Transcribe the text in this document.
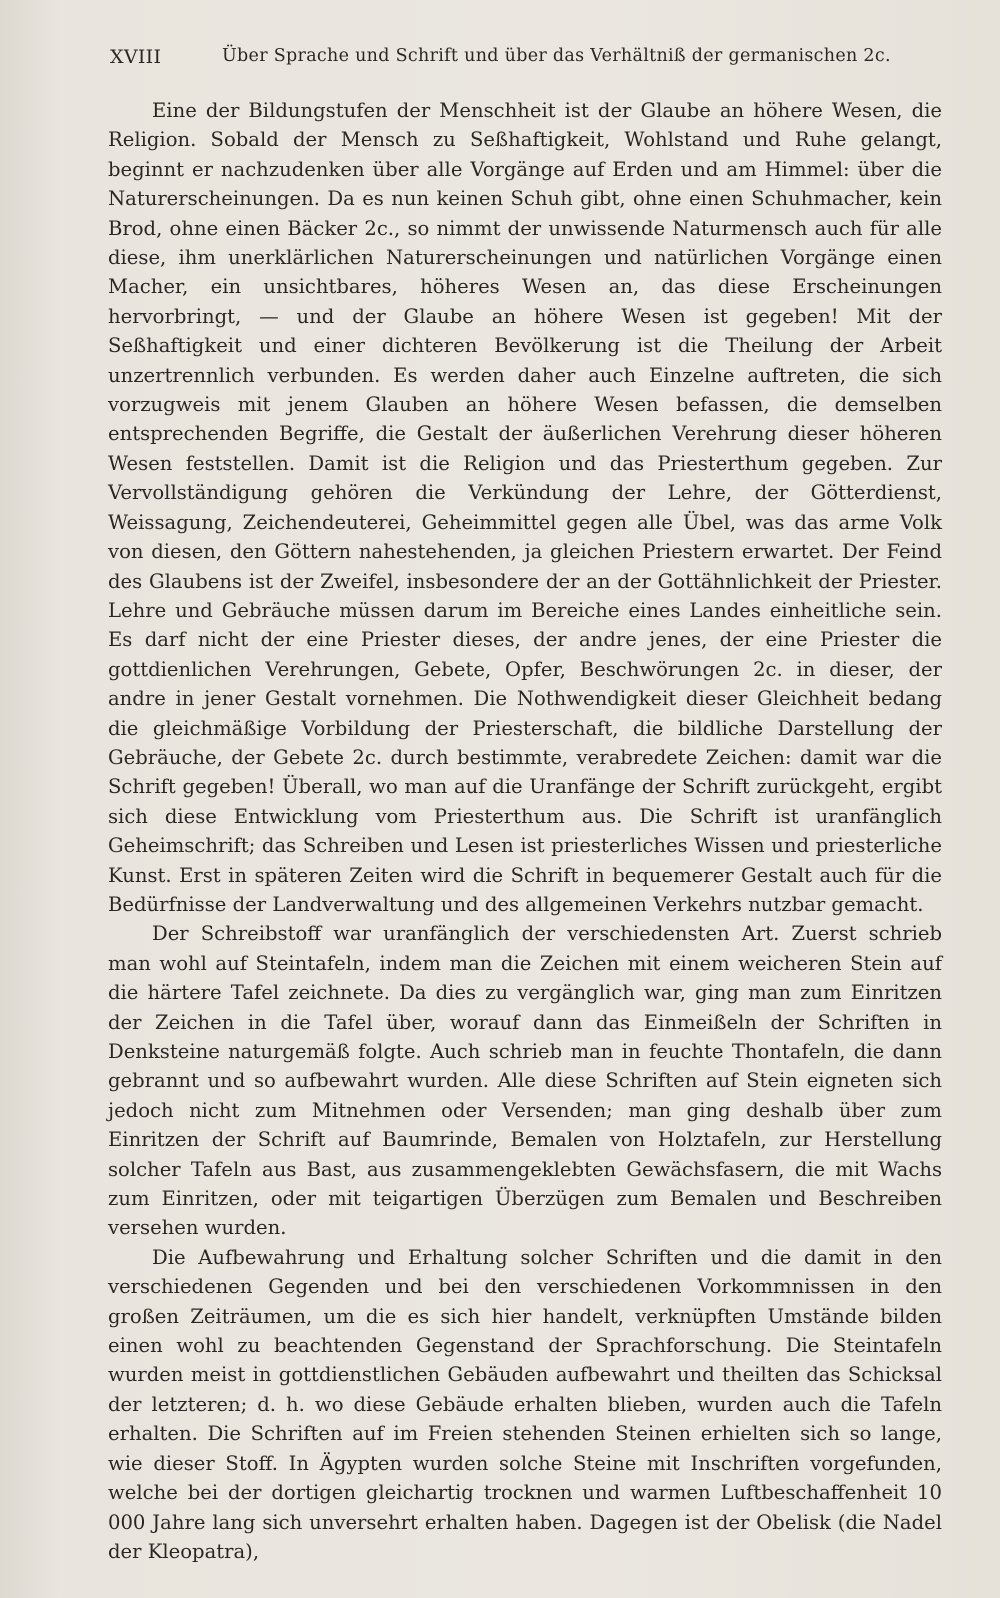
XVIII	Über Sprache und Schrift und über das Verhältniß der germanischen 2c.

Eine der Bildungstufen der Menschheit ist der Glaube an höhere Wesen, die Religion. Sobald der Mensch zu Seßhaftigkeit, Wohlstand und Ruhe gelangt, beginnt er nachzudenken über alle Vorgänge auf Erden und am Himmel: über die Naturerscheinungen. Da es nun keinen Schuh gibt, ohne einen Schuhmacher, kein Brod, ohne einen Bäcker 2c., so nimmt der unwissende Naturmensch auch für alle diese, ihm unerklärlichen Naturerscheinungen und natürlichen Vorgänge einen Macher, ein unsichtbares, höheres Wesen an, das diese Erscheinungen hervorbringt, — und der Glaube an höhere Wesen ist gegeben! Mit der Seßhaftigkeit und einer dichteren Bevölkerung ist die Theilung der Arbeit unzertrennlich verbunden. Es werden daher auch Einzelne auftreten, die sich vorzugweis mit jenem Glauben an höhere Wesen befassen, die demselben entsprechenden Begriffe, die Gestalt der äußerlichen Verehrung dieser höheren Wesen feststellen. Damit ist die Religion und das Priesterthum gegeben. Zur Vervollständigung gehören die Verkündung der Lehre, der Götterdienst, Weissagung, Zeichendeuterei, Geheimmittel gegen alle Übel, was das arme Volk von diesen, den Göttern nahestehenden, ja gleichen Priestern erwartet. Der Feind des Glaubens ist der Zweifel, insbesondere der an der Gottähnlichkeit der Priester. Lehre und Gebräuche müssen darum im Bereiche eines Landes einheitliche sein. Es darf nicht der eine Priester dieses, der andre jenes, der eine Priester die gottdienlichen Verehrungen, Gebete, Opfer, Beschwörungen 2c. in dieser, der andre in jener Gestalt vornehmen. Die Nothwendigkeit dieser Gleichheit bedang die gleichmäßige Vorbildung der Priesterschaft, die bildliche Darstellung der Gebräuche, der Gebete 2c. durch bestimmte, verabredete Zeichen: damit war die Schrift gegeben! Überall, wo man auf die Uranfänge der Schrift zurückgeht, ergibt sich diese Entwicklung vom Priesterthum aus. Die Schrift ist uranfänglich Geheimschrift; das Schreiben und Lesen ist priesterliches Wissen und priesterliche Kunst. Erst in späteren Zeiten wird die Schrift in bequemerer Gestalt auch für die Bedürfnisse der Landverwaltung und des allgemeinen Verkehrs nutzbar gemacht.

Der Schreibstoff war uranfänglich der verschiedensten Art. Zuerst schrieb man wohl auf Steintafeln, indem man die Zeichen mit einem weicheren Stein auf die härtere Tafel zeichnete. Da dies zu vergänglich war, ging man zum Einritzen der Zeichen in die Tafel über, worauf dann das Einmeißeln der Schriften in Denksteine naturgemäß folgte. Auch schrieb man in feuchte Thontafeln, die dann gebrannt und so aufbewahrt wurden. Alle diese Schriften auf Stein eigneten sich jedoch nicht zum Mitnehmen oder Versenden; man ging deshalb über zum Einritzen der Schrift auf Baumrinde, Bemalen von Holztafeln, zur Herstellung solcher Tafeln aus Bast, aus zusammengeklebten Gewächsfasern, die mit Wachs zum Einritzen, oder mit teigartigen Überzügen zum Bemalen und Beschreiben versehen wurden.

Die Aufbewahrung und Erhaltung solcher Schriften und die damit in den verschiedenen Gegenden und bei den verschiedenen Vorkommnissen in den großen Zeiträumen, um die es sich hier handelt, verknüpften Umstände bilden einen wohl zu beachtenden Gegenstand der Sprachforschung. Die Steintafeln wurden meist in gottdienstlichen Gebäuden aufbewahrt und theilten das Schicksal der letzteren; d. h. wo diese Gebäude erhalten blieben, wurden auch die Tafeln erhalten. Die Schriften auf im Freien stehenden Steinen erhielten sich so lange, wie dieser Stoff. In Ägypten wurden solche Steine mit Inschriften vorgefunden, welche bei der dortigen gleichartig trocknen und warmen Luftbeschaffenheit 10 000 Jahre lang sich unversehrt erhalten haben. Dagegen ist der Obelisk (die Nadel der Kleopatra),
